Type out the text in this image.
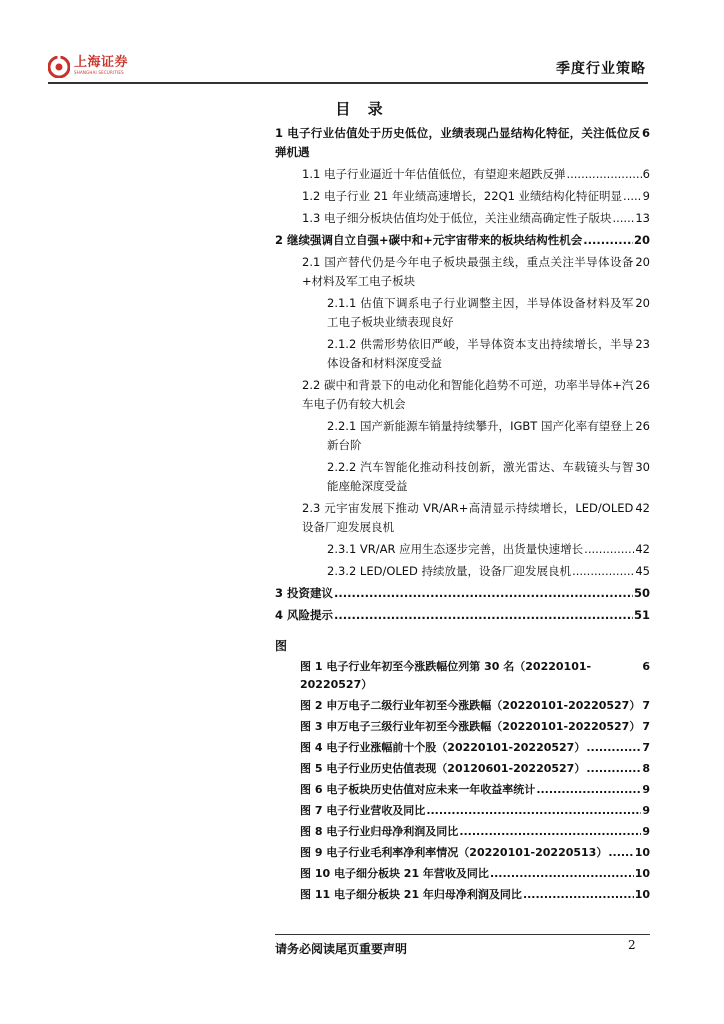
上海证券
SHANGHAI SECURITIES	季度行业策略
目 录
1 电子行业估值处于历史低位，业绩表现凸显结构化特征，关注低位反弹机遇
6
1.1 电子行业逼近十年估值低位，有望迎来超跌反弹 .....	6
1.2 电子行业 21 年业绩高速增长，22Q1 业绩结构化特征明显 ..... 9
1.3 电子细分板块估值均处于低位，关注业绩高确定性子版块 ..... 13
2 继续强调自立自强+碳中和+元宇宙带来的板块结构性机会 .....	20
2.1 国产替代仍是今年电子板块最强主线，重点关注半导体设备+材料及军工电子板块
20
2.1.1 估值下调系电子行业调整主因，半导体设备材料及军工电子板块业绩表现良好
20
2.1.2 供需形势依旧严峻，半导体资本支出持续增长，半导体设备和材料深度受益
23
2.2 碳中和背景下的电动化和智能化趋势不可逆，功率半导体+汽车电子仍有较大机会
26
2.2.1 国产新能源车销量持续攀升，IGBT 国产化率有望登上新台阶
26
2.2.2 汽车智能化推动科技创新，激光雷达、车载镜头与智能座舱深度受益
30
2.3 元宇宙发展下推动 VR/AR+高清显示持续增长，LED/OLED 设备厂迎发展良机
42
2.3.1 VR/AR 应用生态逐步完善，出货量快速增长 .....	42
2.3.2 LED/OLED 持续放量，设备厂迎发展良机 .....	45
3 投资建议 .....	50
4 风险提示 .....	51
图
图 1 电子行业年初至今涨跌幅位列第 30 名（20220101-20220527）
6
图 2 申万电子二级行业年初至今涨跌幅（20220101-20220527） 7
图 3 申万电子三级行业年初至今涨跌幅（20220101-20220527） 7
图 4 电子行业涨幅前十个股（20220101-20220527） .....	7
图 5 电子行业历史估值表现（20120601-20220527） .....	8
图 6 电子板块历史估值对应未来一年收益率统计 .....	9
图 7 电子行业营收及同比 .....	9
图 8 电子行业归母净利润及同比 .....	9
图 9 电子行业毛利率净利率情况（20220101-20220513） ..... 10
图 10 电子细分板块 21 年营收及同比 .....	10
图 11 电子细分板块 21 年归母净利润及同比 .....	10
请务必阅读尾页重要声明	2
